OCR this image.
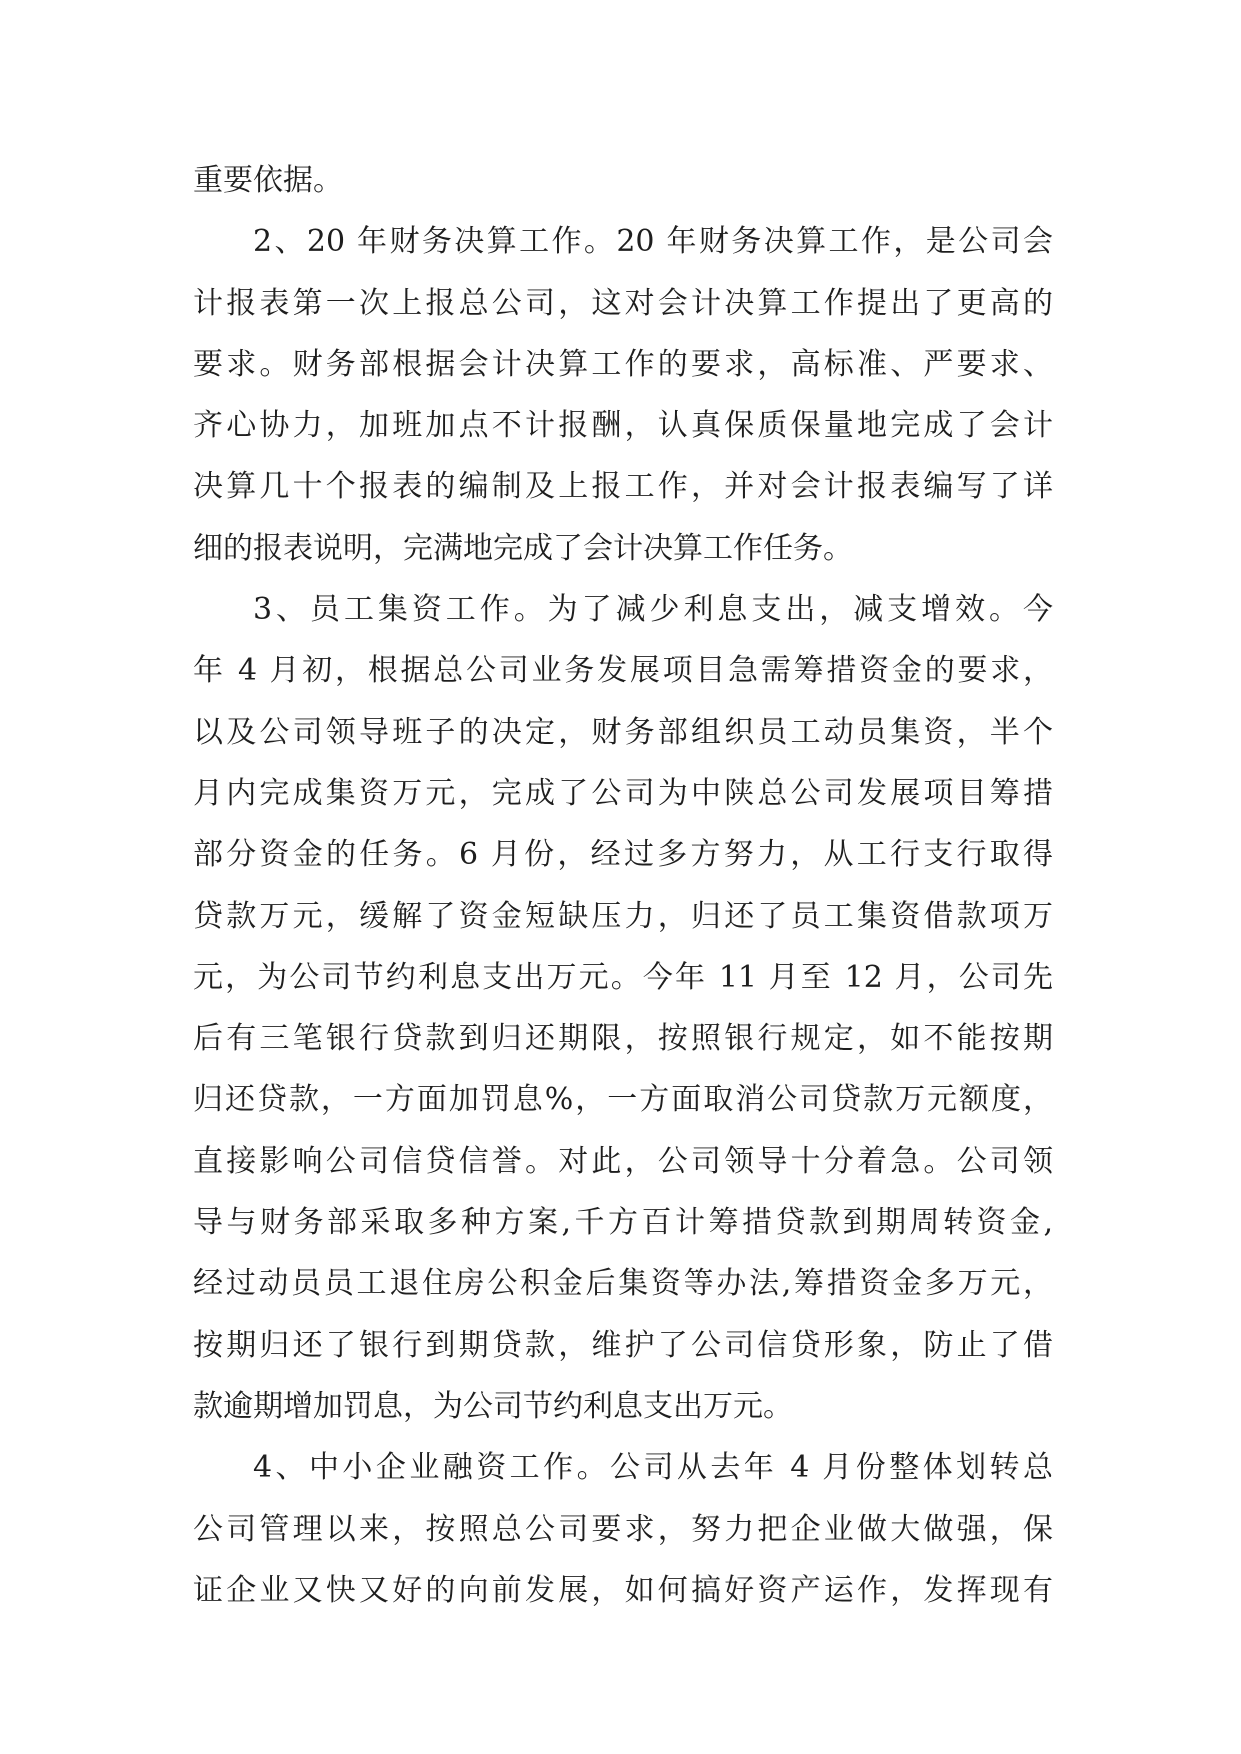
重要依据。
2、20 年财务决算工作。20 年财务决算工作，是公司会
计报表第一次上报总公司，这对会计决算工作提出了更高的
要求。财务部根据会计决算工作的要求，高标准、严要求、
齐心协力，加班加点不计报酬，认真保质保量地完成了会计
决算几十个报表的编制及上报工作，并对会计报表编写了详
细的报表说明，完满地完成了会计决算工作任务。
3、员工集资工作。为了减少利息支出，减支增效。今
年 4 月初，根据总公司业务发展项目急需筹措资金的要求，
以及公司领导班子的决定，财务部组织员工动员集资，半个
月内完成集资万元，完成了公司为中陕总公司发展项目筹措
部分资金的任务。6 月份，经过多方努力，从工行支行取得
贷款万元，缓解了资金短缺压力，归还了员工集资借款项万
元，为公司节约利息支出万元。今年 11 月至 12 月，公司先
后有三笔银行贷款到归还期限，按照银行规定，如不能按期
归还贷款，一方面加罚息%，一方面取消公司贷款万元额度，
直接影响公司信贷信誉。对此，公司领导十分着急。公司领
导与财务部采取多种方案,千方百计筹措贷款到期周转资金,
经过动员员工退住房公积金后集资等办法,筹措资金多万元，
按期归还了银行到期贷款，维护了公司信贷形象，防止了借
款逾期增加罚息，为公司节约利息支出万元。
4、中小企业融资工作。公司从去年 4 月份整体划转总
公司管理以来，按照总公司要求，努力把企业做大做强，保
证企业又快又好的向前发展，如何搞好资产运作，发挥现有
